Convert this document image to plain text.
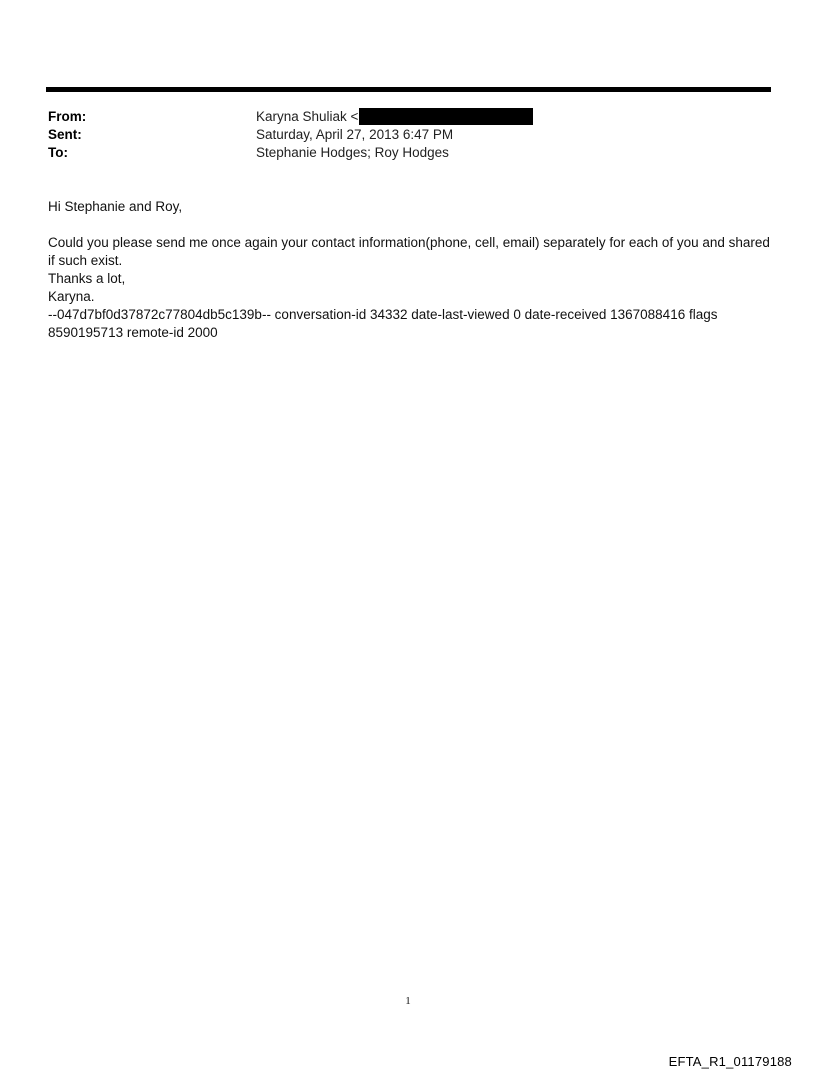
From:	Karyna Shuliak <
Sent:	Saturday, April 27, 2013 6:47 PM
To:	Stephanie Hodges; Roy Hodges
Hi Stephanie and Roy,
Could you please send me once again your contact information(phone, cell, email) separately for each of you and shared if such exist.
Thanks a lot,
Karyna.
--047d7bf0d37872c77804db5c139b-- conversation-id 34332 date-last-viewed 0 date-received 1367088416 flags 8590195713 remote-id 2000
1
EFTA_R1_01179188
